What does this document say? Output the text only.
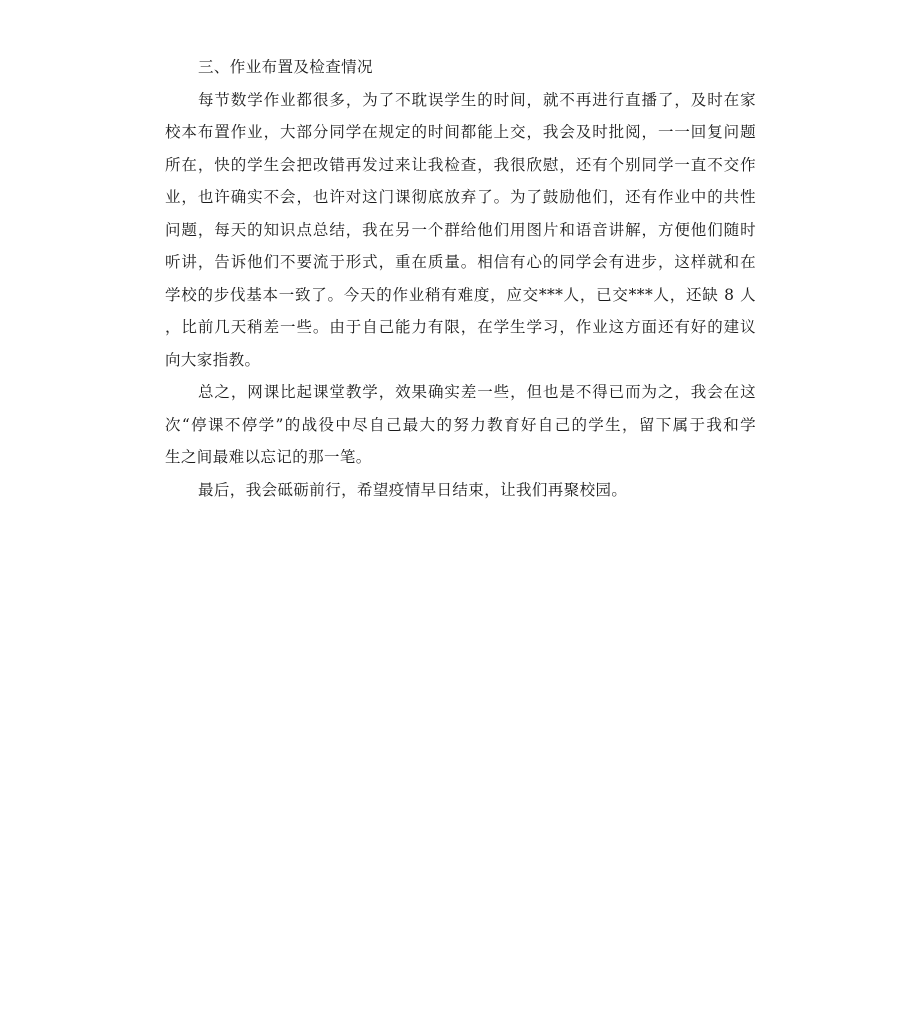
三、作业布置及检查情况
每节数学作业都很多，为了不耽误学生的时间，就不再进行直播了，及时在家
校本布置作业，大部分同学在规定的时间都能上交，我会及时批阅，一一回复问题
所在，快的学生会把改错再发过来让我检查，我很欣慰，还有个别同学一直不交作
业，也许确实不会，也许对这门课彻底放弃了。为了鼓励他们，还有作业中的共性
问题，每天的知识点总结，我在另一个群给他们用图片和语音讲解，方便他们随时
听讲，告诉他们不要流于形式，重在质量。相信有心的同学会有进步，这样就和在
学校的步伐基本一致了。今天的作业稍有难度，应交***人，已交***人，还缺 8 人
，比前几天稍差一些。由于自己能力有限，在学生学习，作业这方面还有好的建议
向大家指教。
总之，网课比起课堂教学，效果确实差一些，但也是不得已而为之，我会在这
次“停课不停学”的战役中尽自己最大的努力教育好自己的学生，留下属于我和学
生之间最难以忘记的那一笔。
最后，我会砥砺前行，希望疫情早日结束，让我们再聚校园。
